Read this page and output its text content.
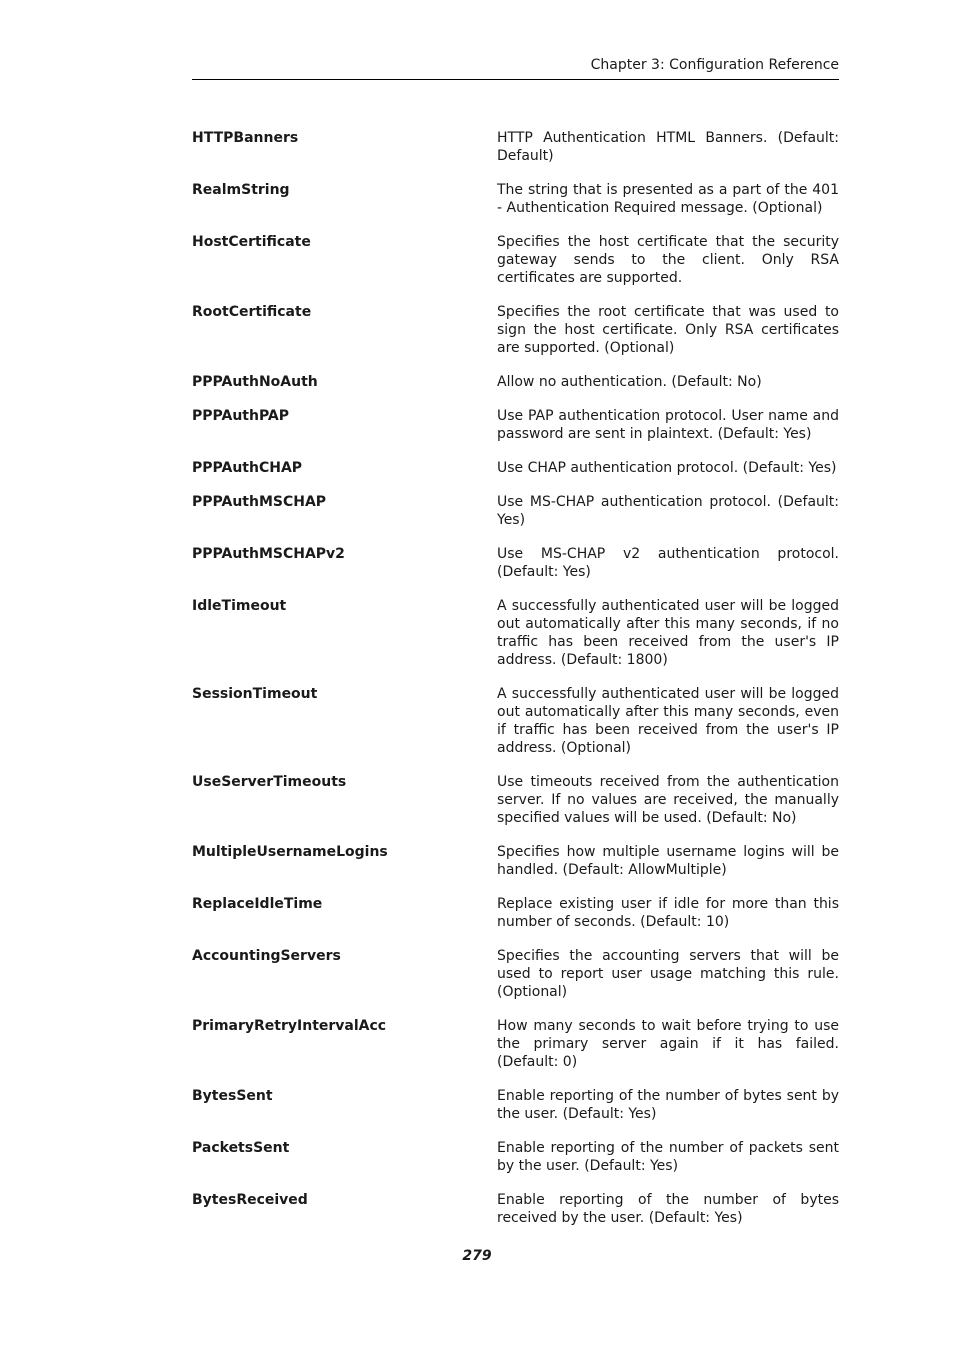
Chapter 3: Configuration Reference
HTTPBanners	HTTP Authentication HTML Banners. (Default: Default)
RealmString	The string that is presented as a part of the 401 - Authentication Required message. (Optional)
HostCertificate	Specifies the host certificate that the security gateway sends to the client. Only RSA certificates are supported.
RootCertificate	Specifies the root certificate that was used to sign the host certificate. Only RSA certificates are supported. (Optional)
PPPAuthNoAuth	Allow no authentication. (Default: No)
PPPAuthPAP	Use PAP authentication protocol. User name and password are sent in plaintext. (Default: Yes)
PPPAuthCHAP	Use CHAP authentication protocol. (Default: Yes)
PPPAuthMSCHAP	Use MS-CHAP authentication protocol. (Default: Yes)
PPPAuthMSCHAPv2	Use MS-CHAP v2 authentication protocol. (Default: Yes)
IdleTimeout	A successfully authenticated user will be logged out automatically after this many seconds, if no traffic has been received from the user's IP address. (Default: 1800)
SessionTimeout	A successfully authenticated user will be logged out automatically after this many seconds, even if traffic has been received from the user's IP address. (Optional)
UseServerTimeouts	Use timeouts received from the authentication server. If no values are received, the manually specified values will be used. (Default: No)
MultipleUsernameLogins	Specifies how multiple username logins will be handled. (Default: AllowMultiple)
ReplaceIdleTime	Replace existing user if idle for more than this number of seconds. (Default: 10)
AccountingServers	Specifies the accounting servers that will be used to report user usage matching this rule. (Optional)
PrimaryRetryIntervalAcc	How many seconds to wait before trying to use the primary server again if it has failed. (Default: 0)
BytesSent	Enable reporting of the number of bytes sent by the user. (Default: Yes)
PacketsSent	Enable reporting of the number of packets sent by the user. (Default: Yes)
BytesReceived	Enable reporting of the number of bytes received by the user. (Default: Yes)
279
